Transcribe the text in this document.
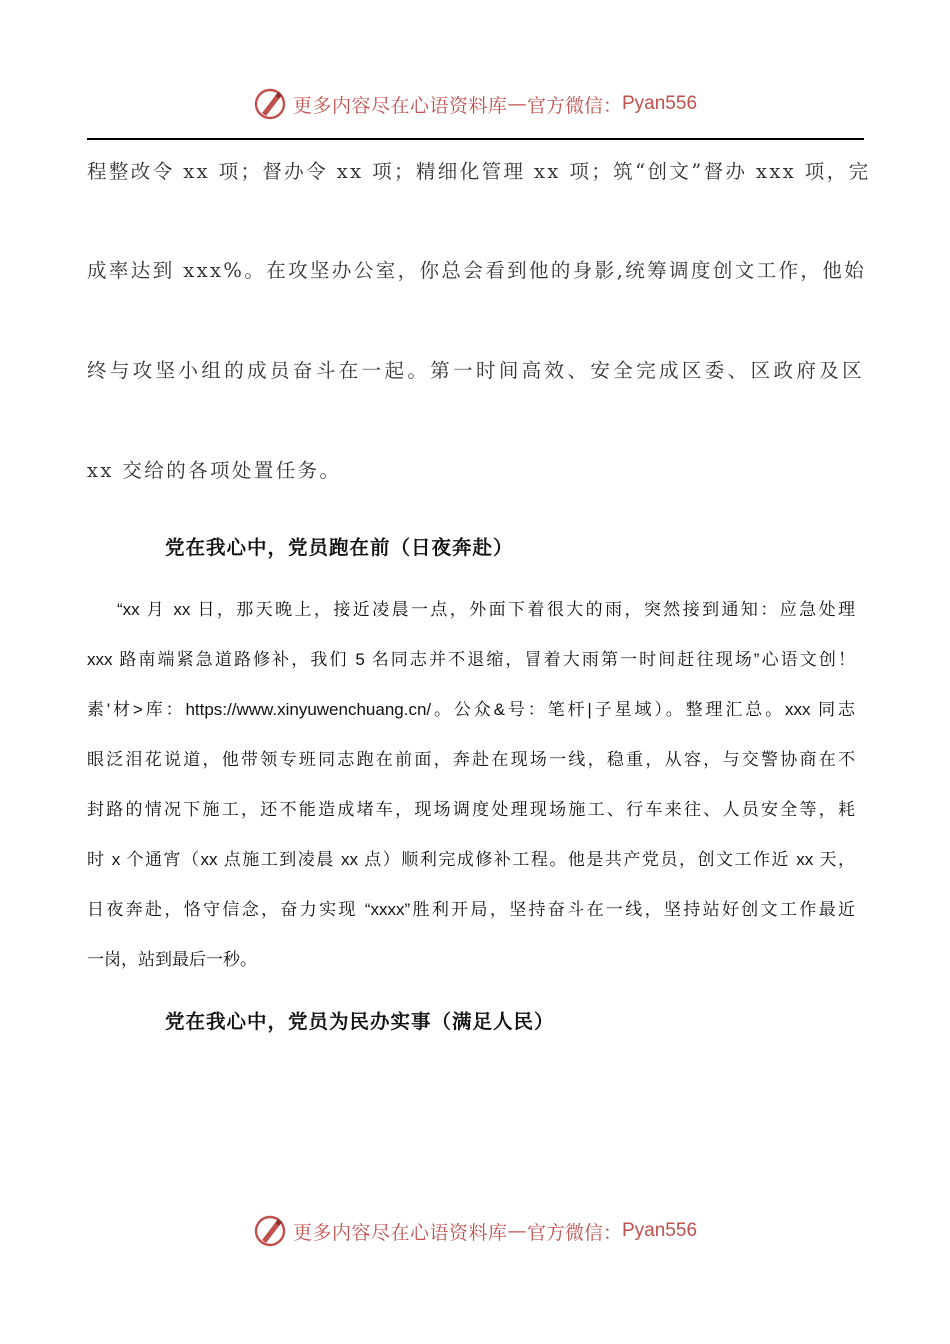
更多内容尽在心语资料库 — 官方微信： Pyan556

程整改令 xx 项；督办令 xx 项；精细化管理 xx 项；筑“创文”督办 xxx 项，完

成率达到 xxx%。在攻坚办公室，你总会看到他的身影,统筹调度创文工作，他始

终与攻坚小组的成员奋斗在一起。第一时间高效、安全完成区委、区政府及区

xx 交给的各项处置任务。

党在我心中，党员跑在前（日夜奔赴）

“xx 月 xx 日，那天晚上，接近凌晨一点，外面下着很大的雨，突然接到通知：应急处理

xxx 路南端紧急道路修补，我们 5 名同志并不退缩，冒着大雨第一时间赶往现场”心语文创！

素'材>库：https://www.xinyuwenchuang.cn/。公众&号：笔杆|子星域）。整理汇总。xxx 同志

眼泛泪花说道，他带领专班同志跑在前面，奔赴在现场一线，稳重，从容，与交警协商在不

封路的情况下施工，还不能造成堵车，现场调度处理现场施工、行车来往、人员安全等，耗

时 x 个通宵（xx 点施工到凌晨 xx 点）顺利完成修补工程。他是共产党员，创文工作近 xx 天，

日夜奔赴，恪守信念，奋力实现 “xxxx”胜利开局，坚持奋斗在一线，坚持站好创文工作最近

一岗，站到最后一秒。

党在我心中，党员为民办实事（满足人民）
更多内容尽在心语资料库 — 官方微信： Pyan556
